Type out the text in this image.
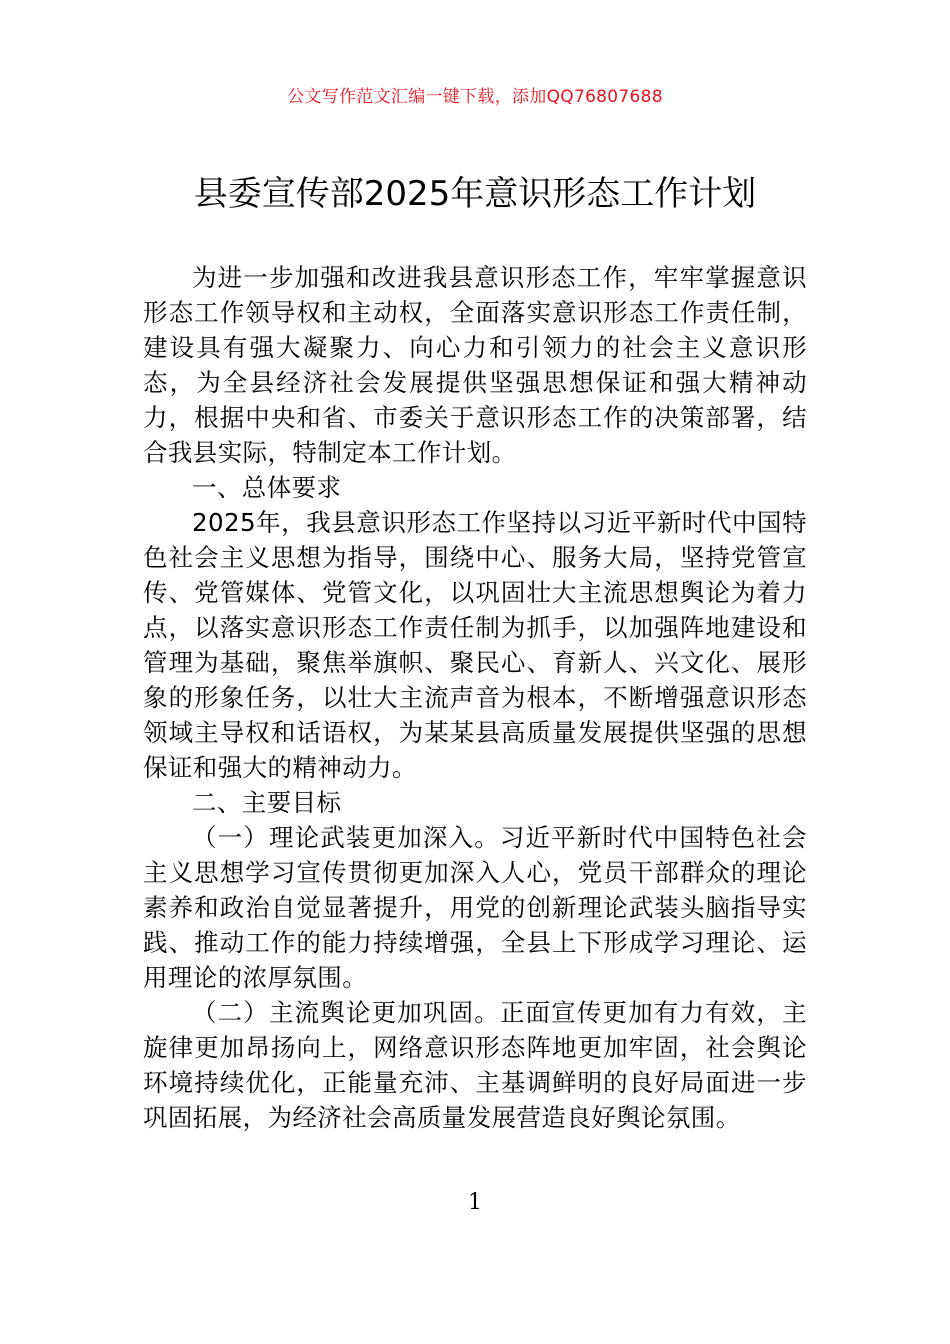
公文写作范文汇编一键下载，添加QQ76807688
县委宣传部2025年意识形态工作计划

为进一步加强和改进我县意识形态工作，牢牢掌握意识形态工作领导权和主动权，全面落实意识形态工作责任制，建设具有强大凝聚力、向心力和引领力的社会主义意识形态，为全县经济社会发展提供坚强思想保证和强大精神动力，根据中央和省、市委关于意识形态工作的决策部署，结合我县实际，特制定本工作计划。

一、总体要求

2025年，我县意识形态工作坚持以习近平新时代中国特色社会主义思想为指导，围绕中心、服务大局，坚持党管宣传、党管媒体、党管文化，以巩固壮大主流思想舆论为着力点，以落实意识形态工作责任制为抓手，以加强阵地建设和管理为基础，聚焦举旗帜、聚民心、育新人、兴文化、展形象的形象任务，以壮大主流声音为根本，不断增强意识形态领域主导权和话语权，为某某县高质量发展提供坚强的思想保证和强大的精神动力。

二、主要目标

（一）理论武装更加深入。习近平新时代中国特色社会主义思想学习宣传贯彻更加深入人心，党员干部群众的理论素养和政治自觉显著提升，用党的创新理论武装头脑指导实践、推动工作的能力持续增强，全县上下形成学习理论、运用理论的浓厚氛围。

（二）主流舆论更加巩固。正面宣传更加有力有效，主旋律更加昂扬向上，网络意识形态阵地更加牢固，社会舆论环境持续优化，正能量充沛、主基调鲜明的良好局面进一步巩固拓展，为经济社会高质量发展营造良好舆论氛围。

1
